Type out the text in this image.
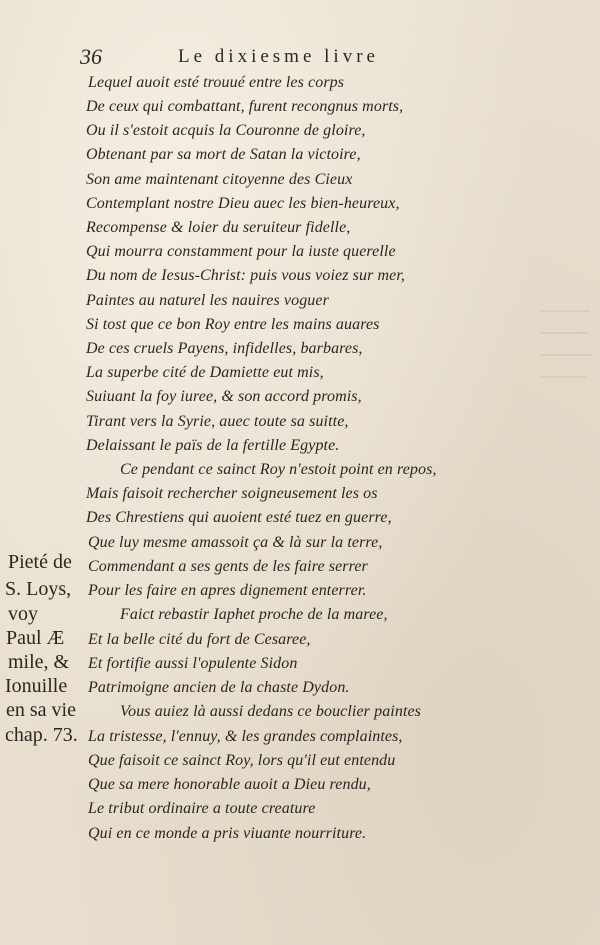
36	Le dixiesme livre
Lequel auoit esté trouué entre les corps
De ceux qui combattant, furent recongnus morts,
Ou il s'estoit acquis la Couronne de gloire,
Obtenant par sa mort de Satan la victoire,
Son ame maintenant citoyenne des Cieux
Contemplant nostre Dieu auec les bien-heureux,
Recompense & loier du seruiteur fidelle,
Qui mourra constamment pour la iuste querelle
Du nom de Iesus-Christ: puis vous voiez sur mer,
Paintes au naturel les nauires voguer
Si tost que ce bon Roy entre les mains auares
De ces cruels Payens, infidelles, barbares,
La superbe cité de Damiette eut mis,
Suiuant la foy iuree, & son accord promis,
Tirant vers la Syrie, auec toute sa suitte,
Delaissant le païs de la fertille Egypte.
Ce pendant ce sainct Roy n'estoit point en repos,
Mais faisoit rechercher soigneusement les os
Des Chrestiens qui auoient esté tuez en guerre,
Que luy mesme amassoit ça & là sur la terre,
Commendant a ses gents de les faire serrer
Pour les faire en apres dignement enterrer.
Faict rebastir Iaphet proche de la maree,
Et la belle cité du fort de Cesaree,
Et fortifie aussi l'opulente Sidon
Patrimoigne ancien de la chaste Dydon.
Vous auiez là aussi dedans ce bouclier paintes
La tristesse, l'ennuy, & les grandes complaintes,
Que faisoit ce sainct Roy, lors qu'il eut entendu
Que sa mere honorable auoit a Dieu rendu,
Le tribut ordinaire a toute creature
Qui en ce monde a pris viuante nourriture.
Pieté de
S. Loys,
voy
Paul Æ
mile, &
Ionuille
en sa vie
chap. 73.
